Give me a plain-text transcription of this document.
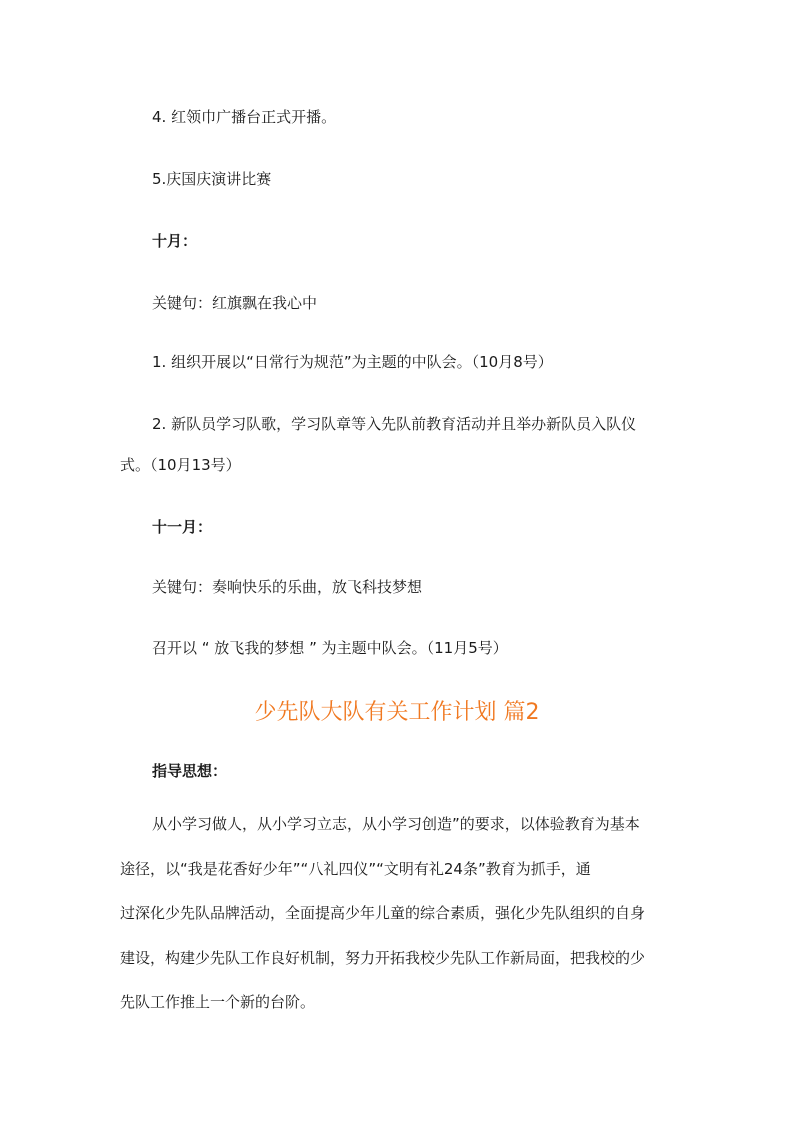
4. 红领巾广播台正式开播。

5.庆国庆演讲比赛

十月：

关键句：红旗飘在我心中

1. 组织开展以“日常行为规范”为主题的中队会。（10月8号）

2. 新队员学习队歌，学习队章等入先队前教育活动并且举办新队员入队仪

式。（10月13号）

十一月：

关键句：奏响快乐的乐曲，放飞科技梦想

召开以 “ 放飞我的梦想 ” 为主题中队会。（11月5号）

少先队大队有关工作计划 篇2

指导思想：

从小学习做人，从小学习立志，从小学习创造”的要求，以体验教育为基本
途径，以“我是花香好少年”“八礼四仪”“文明有礼24条”教育为抓手，通
过深化少先队品牌活动，全面提高少年儿童的综合素质，强化少先队组织的自身
建设，构建少先队工作良好机制，努力开拓我校少先队工作新局面，把我校的少
先队工作推上一个新的台阶。
